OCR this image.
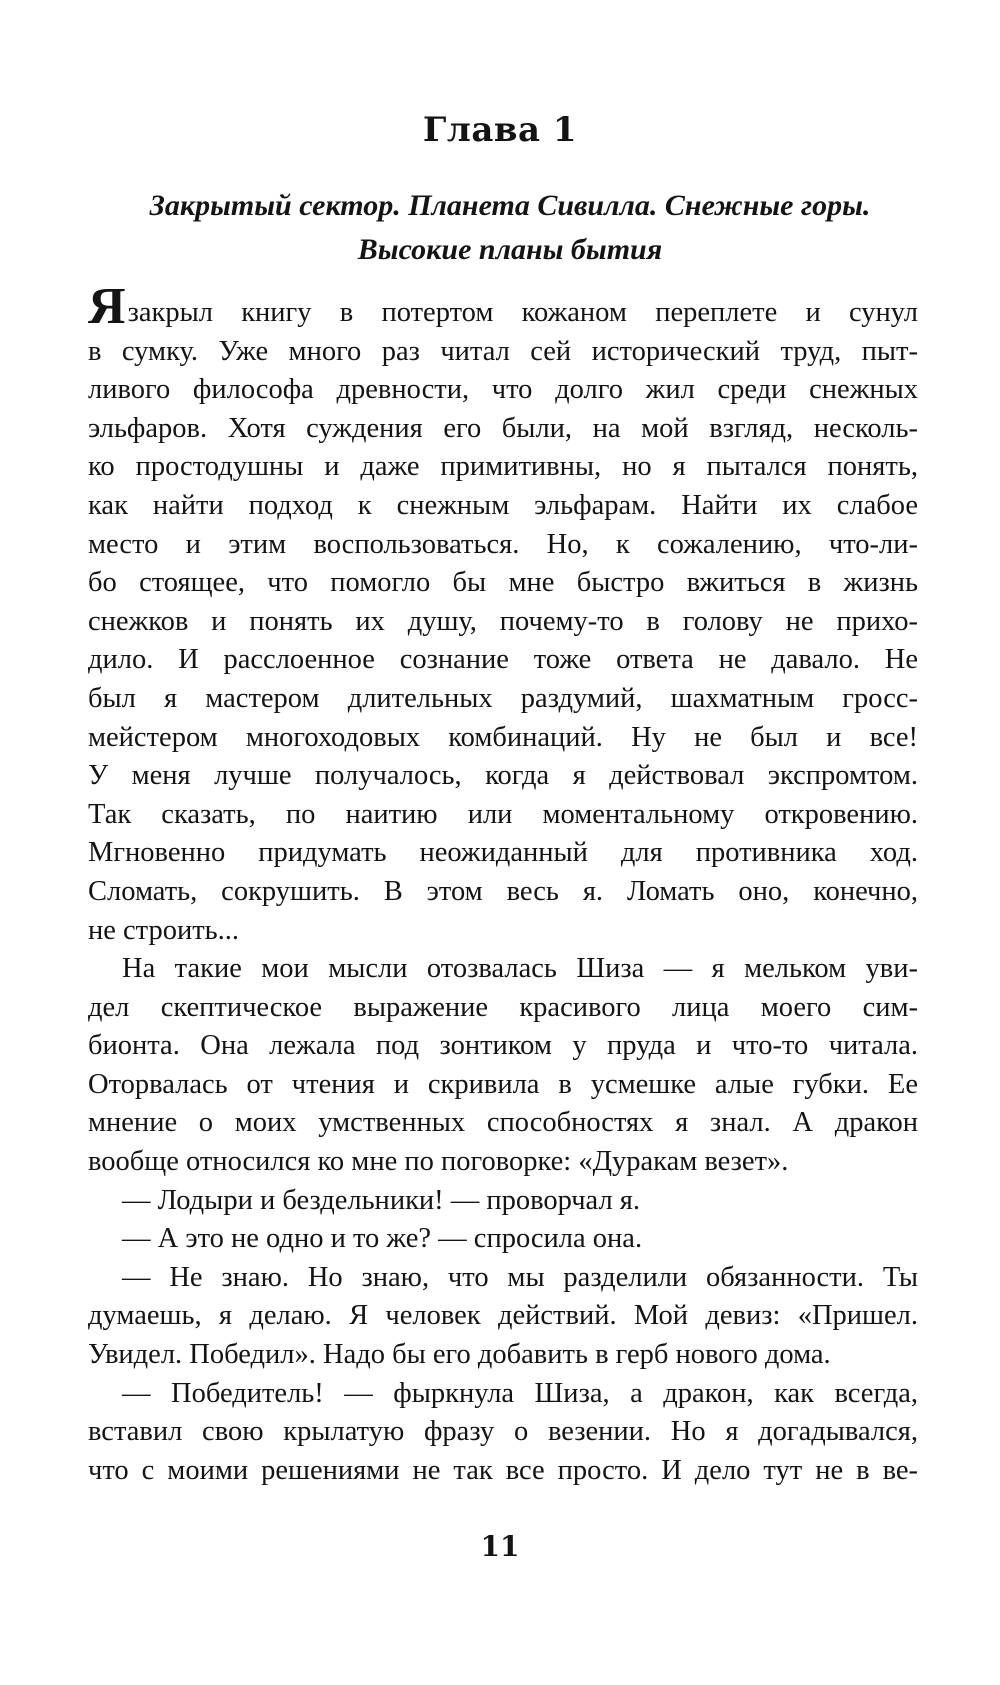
Глава 1
Закрытый сектор. Планета Сивилла. Снежные горы.
Высокие планы бытия
Язакрыл книгу в потертом кожаном переплете и сунул
в сумку. Уже много раз читал сей исторический труд, пыт-
ливого философа древности, что долго жил среди снежных
эльфаров. Хотя суждения его были, на мой взгляд, несколь-
ко простодушны и даже примитивны, но я пытался понять,
как найти подход к снежным эльфарам. Найти их слабое
место и этим воспользоваться. Но, к сожалению, что-ли-
бо стоящее, что помогло бы мне быстро вжиться в жизнь
снежков и понять их душу, почему-то в голову не прихо-
дило. И расслоенное сознание тоже ответа не давало. Не
был я мастером длительных раздумий, шахматным гросс-
мейстером многоходовых комбинаций. Ну не был и все!
У меня лучше получалось, когда я действовал экспромтом.
Так сказать, по наитию или моментальному откровению.
Мгновенно придумать неожиданный для противника ход.
Сломать, сокрушить. В этом весь я. Ломать оно, конечно,
не строить...
На такие мои мысли отозвалась Шиза — я мельком уви-
дел скептическое выражение красивого лица моего сим-
бионта. Она лежала под зонтиком у пруда и что-то читала.
Оторвалась от чтения и скривила в усмешке алые губки. Ее
мнение о моих умственных способностях я знал. А дракон
вообще относился ко мне по поговорке: «Дуракам везет».
— Лодыри и бездельники! — проворчал я.
— А это не одно и то же? — спросила она.
— Не знаю. Но знаю, что мы разделили обязанности. Ты
думаешь, я делаю. Я человек действий. Мой девиз: «Пришел.
Увидел. Победил». Надо бы его добавить в герб нового дома.
— Победитель! — фыркнула Шиза, а дракон, как всегда,
вставил свою крылатую фразу о везении. Но я догадывался,
что с моими решениями не так все просто. И дело тут не в ве-
11
